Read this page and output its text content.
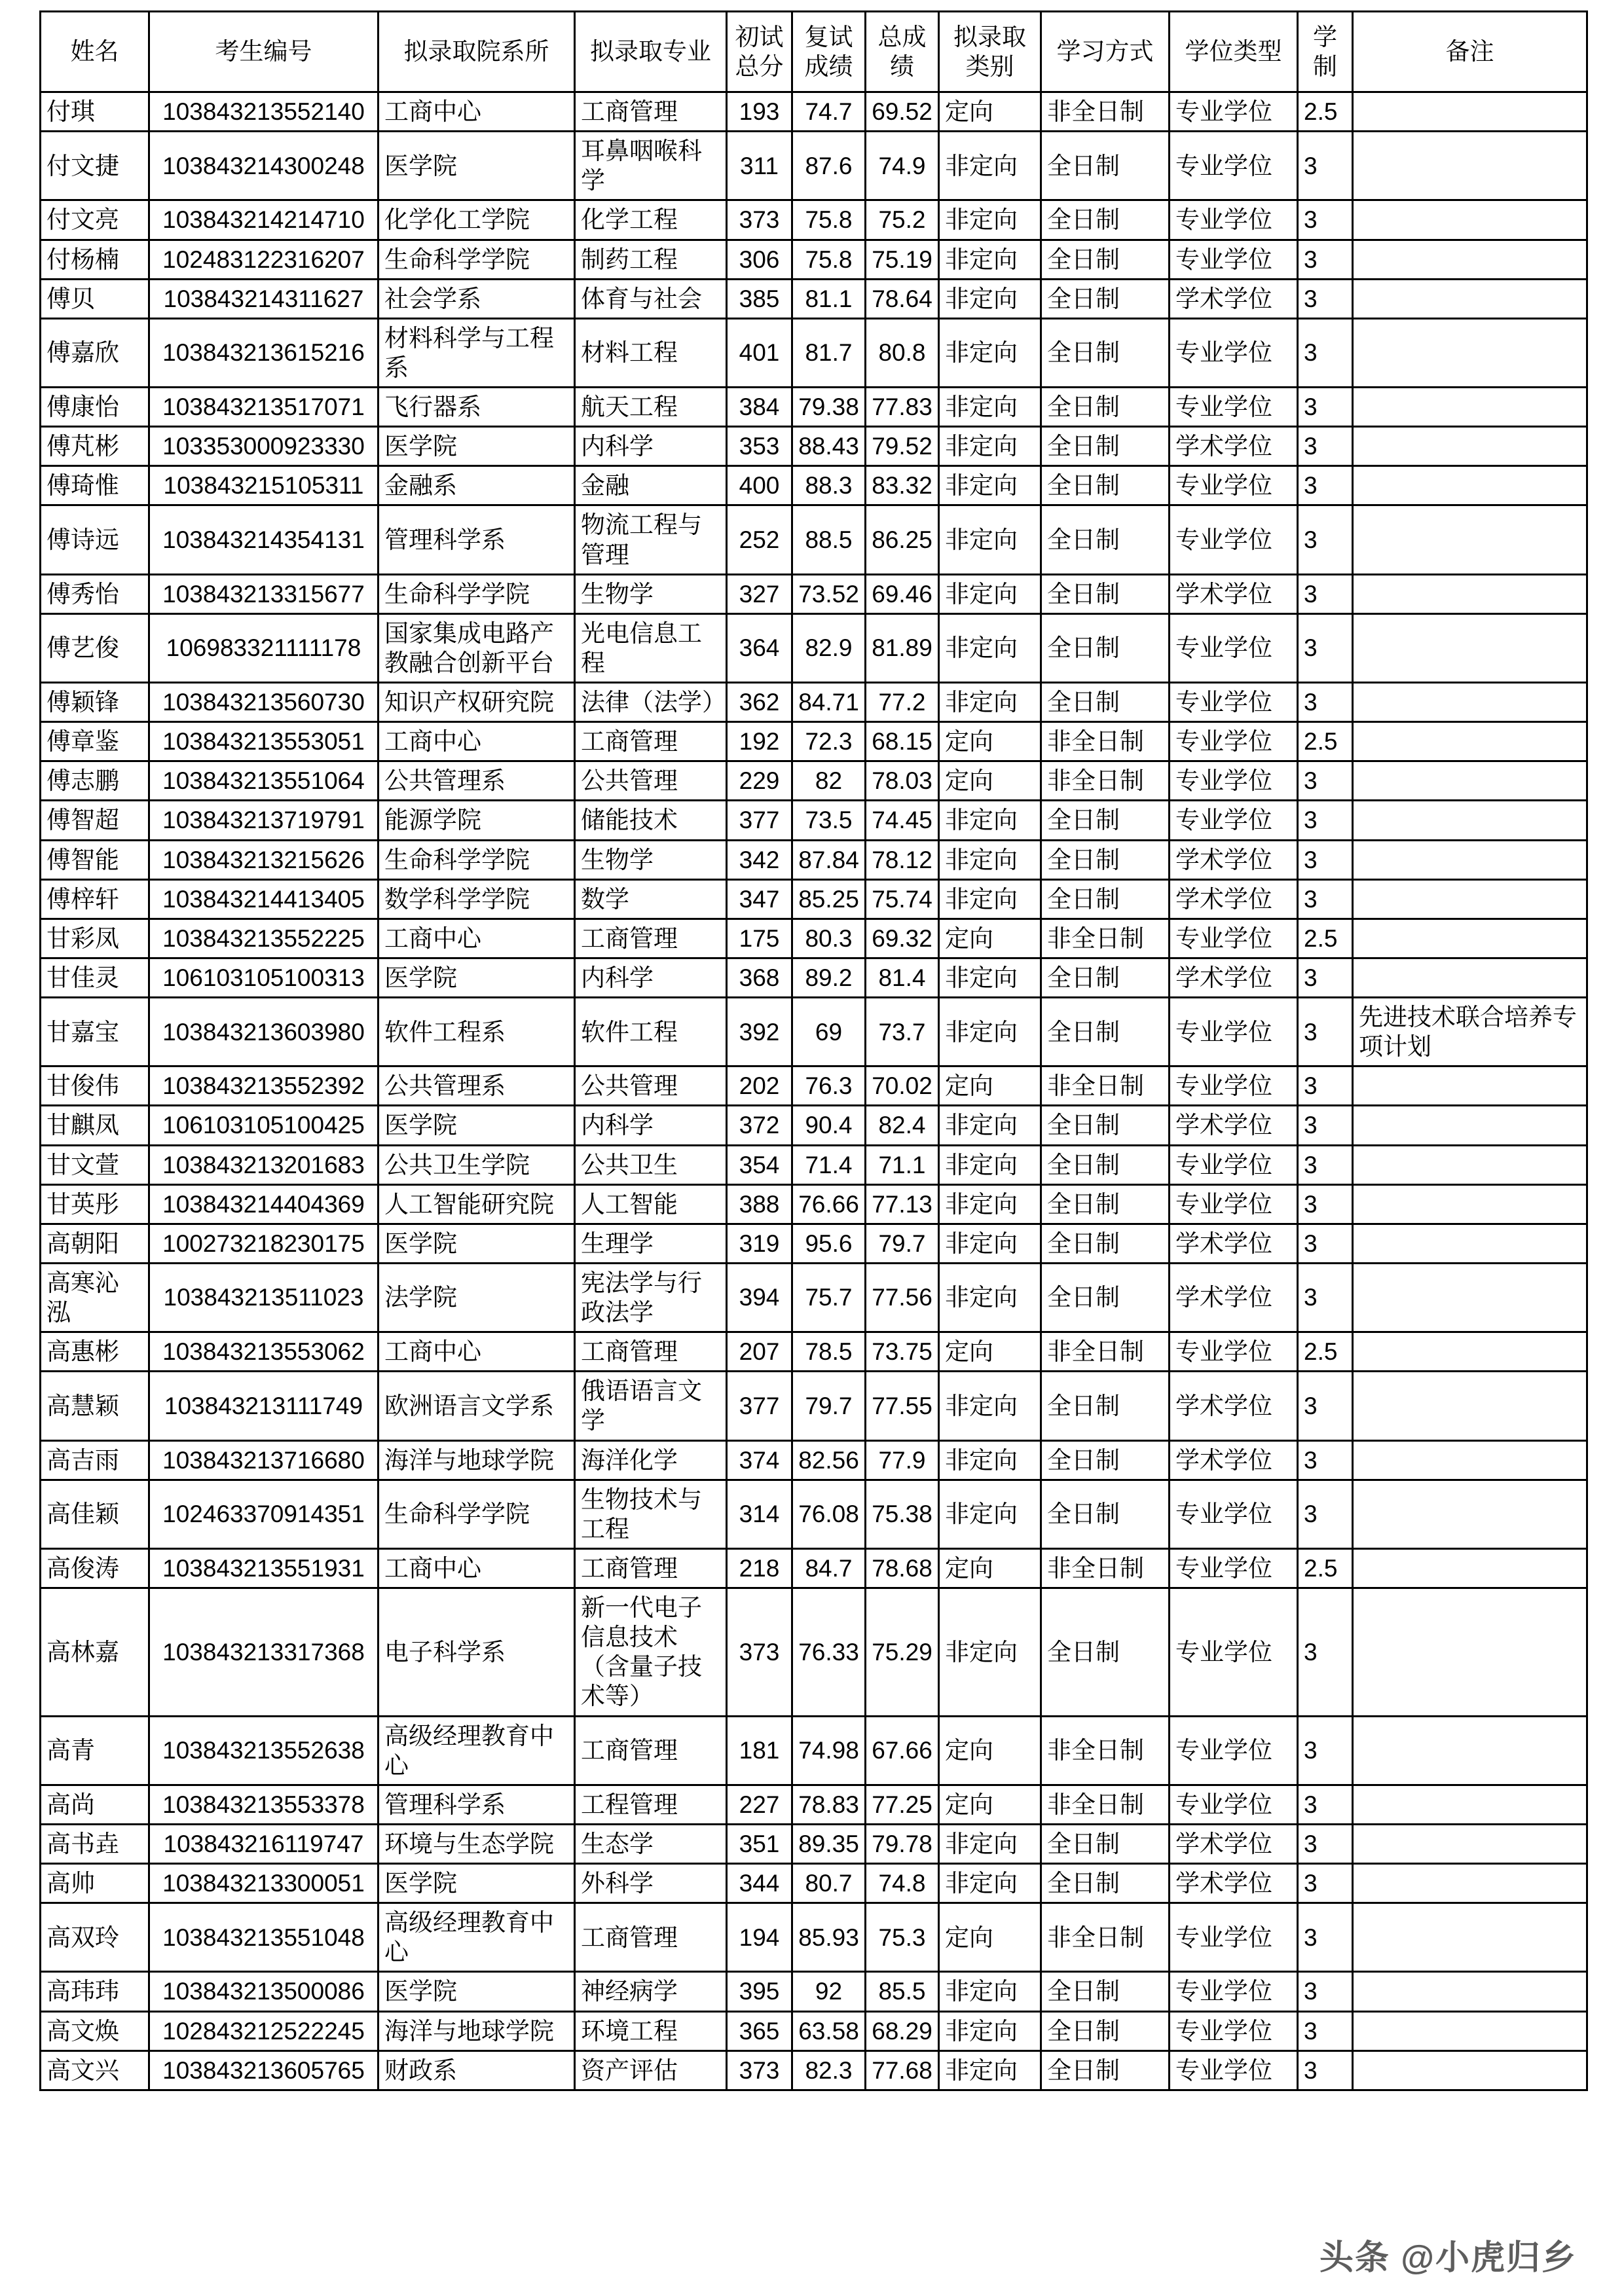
姓名	考生编号	拟录取院系所	拟录取专业	初试总分	复试成绩	总成绩	拟录取类别	学习方式	学位类型	学制	备注
付琪	103843213552140	工商中心	工商管理	193	74.7	69.52	定向	非全日制	专业学位	2.5	
付文捷	103843214300248	医学院	耳鼻咽喉科学	311	87.6	74.9	非定向	全日制	专业学位	3	
付文亮	103843214214710	化学化工学院	化学工程	373	75.8	75.2	非定向	全日制	专业学位	3	
付杨楠	102483122316207	生命科学学院	制药工程	306	75.8	75.19	非定向	全日制	专业学位	3	
傅贝	103843214311627	社会学系	体育与社会	385	81.1	78.64	非定向	全日制	学术学位	3	
傅嘉欣	103843213615216	材料科学与工程系	材料工程	401	81.7	80.8	非定向	全日制	专业学位	3	
傅康怡	103843213517071	飞行器系	航天工程	384	79.38	77.83	非定向	全日制	专业学位	3	
傅芃彬	103353000923330	医学院	内科学	353	88.43	79.52	非定向	全日制	学术学位	3	
傅琦惟	103843215105311	金融系	金融	400	88.3	83.32	非定向	全日制	专业学位	3	
傅诗远	103843214354131	管理科学系	物流工程与管理	252	88.5	86.25	非定向	全日制	专业学位	3	
傅秀怡	103843213315677	生命科学学院	生物学	327	73.52	69.46	非定向	全日制	学术学位	3	
傅艺俊	106983321111178	国家集成电路产教融合创新平台	光电信息工程	364	82.9	81.89	非定向	全日制	专业学位	3	
傅颖锋	103843213560730	知识产权研究院	法律（法学）	362	84.71	77.2	非定向	全日制	专业学位	3	
傅章鉴	103843213553051	工商中心	工商管理	192	72.3	68.15	定向	非全日制	专业学位	2.5	
傅志鹏	103843213551064	公共管理系	公共管理	229	82	78.03	定向	非全日制	专业学位	3	
傅智超	103843213719791	能源学院	储能技术	377	73.5	74.45	非定向	全日制	专业学位	3	
傅智能	103843213215626	生命科学学院	生物学	342	87.84	78.12	非定向	全日制	学术学位	3	
傅梓轩	103843214413405	数学科学学院	数学	347	85.25	75.74	非定向	全日制	学术学位	3	
甘彩凤	103843213552225	工商中心	工商管理	175	80.3	69.32	定向	非全日制	专业学位	2.5	
甘佳灵	106103105100313	医学院	内科学	368	89.2	81.4	非定向	全日制	学术学位	3	
甘嘉宝	103843213603980	软件工程系	软件工程	392	69	73.7	非定向	全日制	专业学位	3	先进技术联合培养专项计划
甘俊伟	103843213552392	公共管理系	公共管理	202	76.3	70.02	定向	非全日制	专业学位	3	
甘麒凤	106103105100425	医学院	内科学	372	90.4	82.4	非定向	全日制	学术学位	3	
甘文萱	103843213201683	公共卫生学院	公共卫生	354	71.4	71.1	非定向	全日制	专业学位	3	
甘英彤	103843214404369	人工智能研究院	人工智能	388	76.66	77.13	非定向	全日制	专业学位	3	
高朝阳	100273218230175	医学院	生理学	319	95.6	79.7	非定向	全日制	学术学位	3	
高寒沁泓	103843213511023	法学院	宪法学与行政法学	394	75.7	77.56	非定向	全日制	学术学位	3	
高惠彬	103843213553062	工商中心	工商管理	207	78.5	73.75	定向	非全日制	专业学位	2.5	
高慧颖	103843213111749	欧洲语言文学系	俄语语言文学	377	79.7	77.55	非定向	全日制	学术学位	3	
高吉雨	103843213716680	海洋与地球学院	海洋化学	374	82.56	77.9	非定向	全日制	学术学位	3	
高佳颖	102463370914351	生命科学学院	生物技术与工程	314	76.08	75.38	非定向	全日制	专业学位	3	
高俊涛	103843213551931	工商中心	工商管理	218	84.7	78.68	定向	非全日制	专业学位	2.5	
高林嘉	103843213317368	电子科学系	新一代电子信息技术（含量子技术等）	373	76.33	75.29	非定向	全日制	专业学位	3	
高青	103843213552638	高级经理教育中心	工商管理	181	74.98	67.66	定向	非全日制	专业学位	3	
高尚	103843213553378	管理科学系	工程管理	227	78.83	77.25	定向	非全日制	专业学位	3	
高书垚	103843216119747	环境与生态学院	生态学	351	89.35	79.78	非定向	全日制	学术学位	3	
高帅	103843213300051	医学院	外科学	344	80.7	74.8	非定向	全日制	学术学位	3	
高双玲	103843213551048	高级经理教育中心	工商管理	194	85.93	75.3	定向	非全日制	专业学位	3	
高玮玮	103843213500086	医学院	神经病学	395	92	85.5	非定向	全日制	专业学位	3	
高文焕	102843212522245	海洋与地球学院	环境工程	365	63.58	68.29	非定向	全日制	专业学位	3	
高文兴	103843213605765	财政系	资产评估	373	82.3	77.68	非定向	全日制	专业学位	3	
头条 @小虎归乡
